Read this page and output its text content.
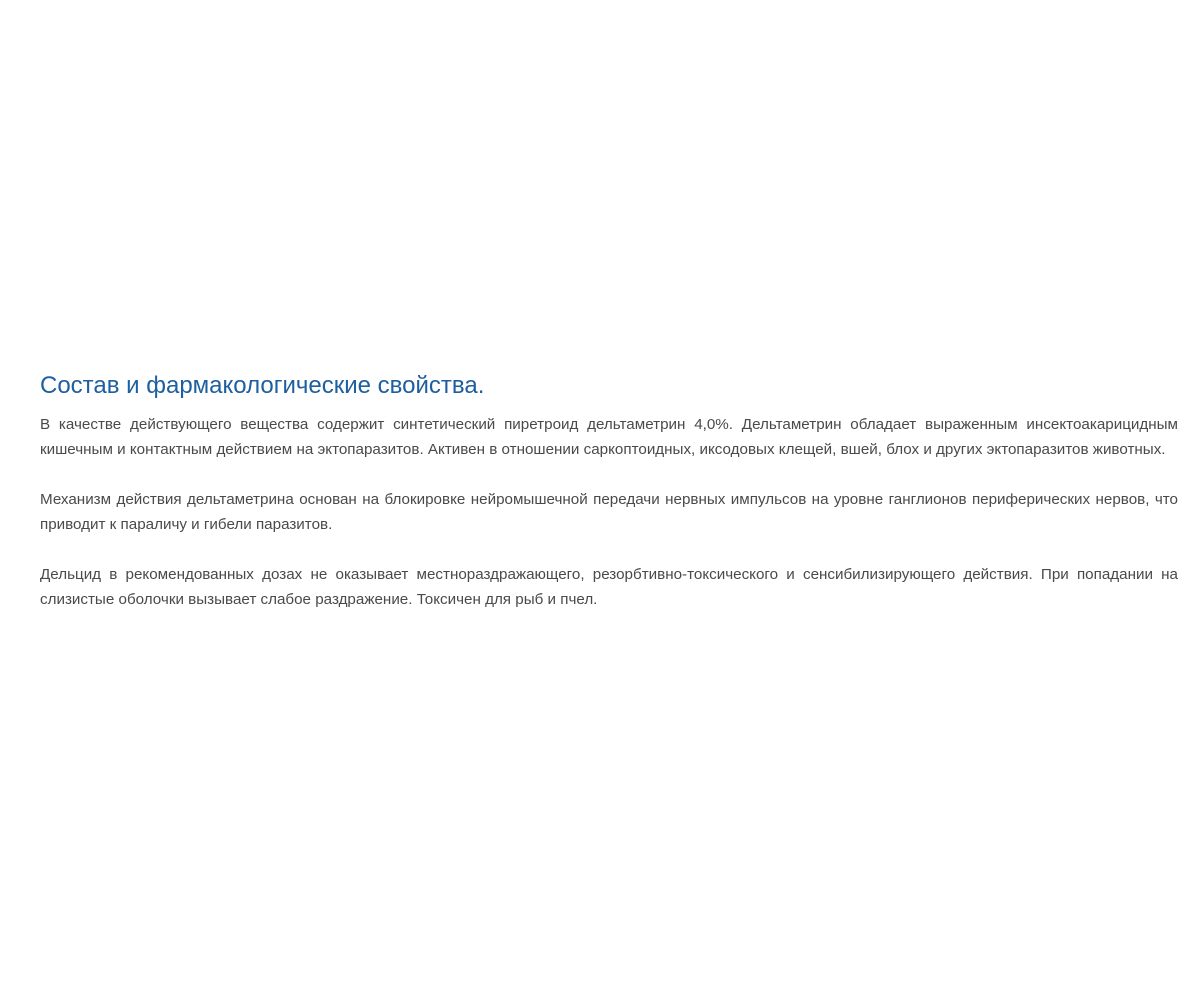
Состав и фармакологические свойства.

В качестве действующего вещества содержит синтетический пиретроид дельтаметрин 4,0%. Дельтаметрин обладает выраженным инсектоакарицидным кишечным и контактным действием на эктопаразитов. Активен в отношении саркоптоидных, иксодовых клещей, вшей, блох и других эктопаразитов животных.

Механизм действия дельтаметрина основан на блокировке нейромышечной передачи нервных импульсов на уровне ганглионов периферических нервов, что приводит к параличу и гибели паразитов.

Дельцид в рекомендованных дозах не оказывает местнораздражающего, резорбтивно-токсического и сенсибилизирующего действия. При попадании на слизистые оболочки вызывает слабое раздражение. Токсичен для рыб и пчел.
